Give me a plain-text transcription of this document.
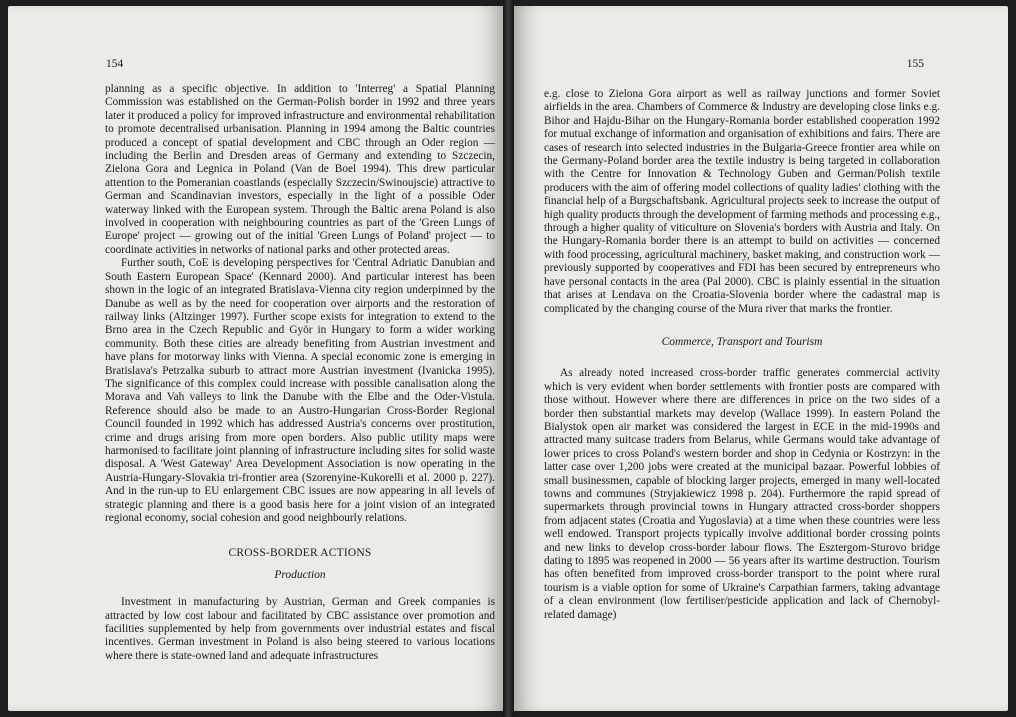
154

planning as a specific objective. In addition to 'Interreg' a Spatial Planning Commission was established on the German-Polish border in 1992 and three years later it produced a policy for improved infrastructure and environmental rehabilitation to promote decentralised urbanisation. Planning in 1994 among the Baltic countries produced a concept of spatial development and CBC through an Oder region — including the Berlin and Dresden areas of Germany and extending to Szczecin, Zielona Gora and Legnica in Poland (Van de Boel 1994). This drew particular attention to the Pomeranian coastlands (especially Szczecin/Swinoujscie) attractive to German and Scandinavian investors, especially in the light of a possible Oder waterway linked with the European system. Through the Baltic arena Poland is also involved in cooperation with neighbouring countries as part of the 'Green Lungs of Europe' project — growing out of the initial 'Green Lungs of Poland' project — to coordinate activities in networks of national parks and other protected areas.

Further south, CoE is developing perspectives for 'Central Adriatic Danubian and South Eastern European Space' (Kennard 2000). And particular interest has been shown in the logic of an integrated Bratislava-Vienna city region underpinned by the Danube as well as by the need for cooperation over airports and the restoration of railway links (Altzinger 1997). Further scope exists for integration to extend to the Brno area in the Czech Republic and Györ in Hungary to form a wider working community. Both these cities are already benefiting from Austrian investment and have plans for motorway links with Vienna. A special economic zone is emerging in Bratislava's Petrzalka suburb to attract more Austrian investment (Ivanicka 1995). The significance of this complex could increase with possible canalisation along the Morava and Vah valleys to link the Danube with the Elbe and the Oder-Vistula. Reference should also be made to an Austro-Hungarian Cross-Border Regional Council founded in 1992 which has addressed Austria's concerns over prostitution, crime and drugs arising from more open borders. Also public utility maps were harmonised to facilitate joint planning of infrastructure including sites for solid waste disposal. A 'West Gateway' Area Development Association is now operating in the Austria-Hungary-Slovakia tri-frontier area (Szorenyine-Kukorelli et al. 2000 p. 227). And in the run-up to EU enlargement CBC issues are now appearing in all levels of strategic planning and there is a good basis here for a joint vision of an integrated regional economy, social cohesion and good neighbourly relations.

CROSS-BORDER ACTIONS

Production

Investment in manufacturing by Austrian, German and Greek companies is attracted by low cost labour and facilitated by CBC assistance over promotion and facilities supplemented by help from governments over industrial estates and fiscal incentives. German investment in Poland is also being steered to various locations where there is state-owned land and adequate infrastructures

155

e.g. close to Zielona Gora airport as well as railway junctions and former Soviet airfields in the area. Chambers of Commerce & Industry are developing close links e.g. Bihor and Hajdu-Bihar on the Hungary-Romania border established cooperation 1992 for mutual exchange of information and organisation of exhibitions and fairs. There are cases of research into selected industries in the Bulgaria-Greece frontier area while on the Germany-Poland border area the textile industry is being targeted in collaboration with the Centre for Innovation & Technology Guben and German/Polish textile producers with the aim of offering model collections of quality ladies' clothing with the financial help of a Burgschaftsbank. Agricultural projects seek to increase the output of high quality products through the development of farming methods and processing e.g., through a higher quality of viticulture on Slovenia's borders with Austria and Italy. On the Hungary-Romania border there is an attempt to build on activities — concerned with food processing, agricultural machinery, basket making, and construction work — previously supported by cooperatives and FDI has been secured by entrepreneurs who have personal contacts in the area (Pal 2000). CBC is plainly essential in the situation that arises at Lendava on the Croatia-Slovenia border where the cadastral map is complicated by the changing course of the Mura river that marks the frontier.

Commerce, Transport and Tourism

As already noted increased cross-border traffic generates commercial activity which is very evident when border settlements with frontier posts are compared with those without. However where there are differences in price on the two sides of a border then substantial markets may develop (Wallace 1999). In eastern Poland the Bialystok open air market was considered the largest in ECE in the mid-1990s and attracted many suitcase traders from Belarus, while Germans would take advantage of lower prices to cross Poland's western border and shop in Cedynia or Kostrzyn: in the latter case over 1,200 jobs were created at the municipal bazaar. Powerful lobbies of small businessmen, capable of blocking larger projects, emerged in many well-located towns and communes (Stryjakiewicz 1998 p. 204). Furthermore the rapid spread of supermarkets through provincial towns in Hungary attracted cross-border shoppers from adjacent states (Croatia and Yugoslavia) at a time when these countries were less well endowed. Transport projects typically involve additional border crossing points and new links to develop cross-border labour flows. The Esztergom-Sturovo bridge dating to 1895 was reopened in 2000 — 56 years after its wartime destruction. Tourism has often benefited from improved cross-border transport to the point where rural tourism is a viable option for some of Ukraine's Carpathian farmers, taking advantage of a clean environment (low fertiliser/pesticide application and lack of Chernobyl-related damage)
